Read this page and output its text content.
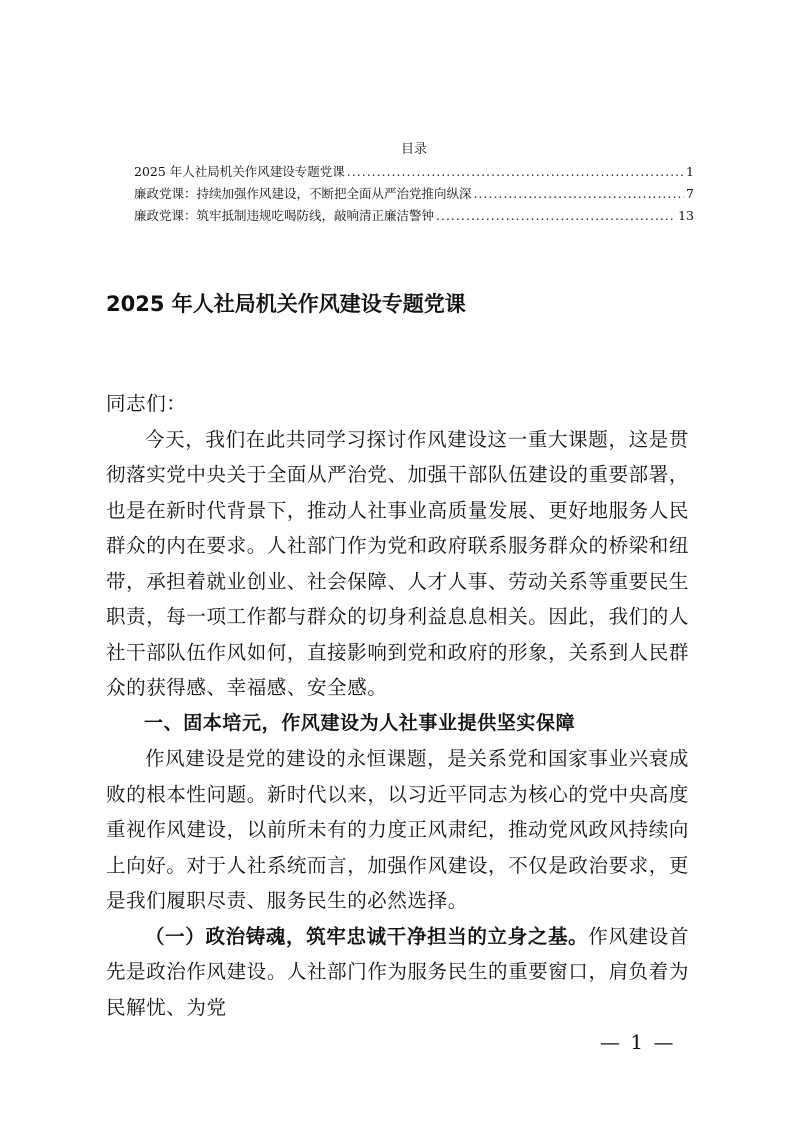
目录
2025 年人社局机关作风建设专题党课 .....	1
廉政党课：持续加强作风建设，不断把全面从严治党推向纵深 .....	7
廉政党课：筑牢抵制违规吃喝防线，敲响清正廉洁警钟 .....	13
2025 年人社局机关作风建设专题党课

同志们：

今天，我们在此共同学习探讨作风建设这一重大课题，这是贯彻落实党中央关于全面从严治党、加强干部队伍建设的重要部署，也是在新时代背景下，推动人社事业高质量发展、更好地服务人民群众的内在要求。人社部门作为党和政府联系服务群众的桥梁和纽带，承担着就业创业、社会保障、人才人事、劳动关系等重要民生职责，每一项工作都与群众的切身利益息息相关。因此，我们的人社干部队伍作风如何，直接影响到党和政府的形象，关系到人民群众的获得感、幸福感、安全感。

一、固本培元，作风建设为人社事业提供坚实保障

作风建设是党的建设的永恒课题，是关系党和国家事业兴衰成败的根本性问题。新时代以来，以习近平同志为核心的党中央高度重视作风建设，以前所未有的力度正风肃纪，推动党风政风持续向上向好。对于人社系统而言，加强作风建设，不仅是政治要求，更是我们履职尽责、服务民生的必然选择。

（一）政治铸魂，筑牢忠诚干净担当的立身之基。作风建设首先是政治作风建设。人社部门作为服务民生的重要窗口，肩负着为民解忧、为党

— 1 —
